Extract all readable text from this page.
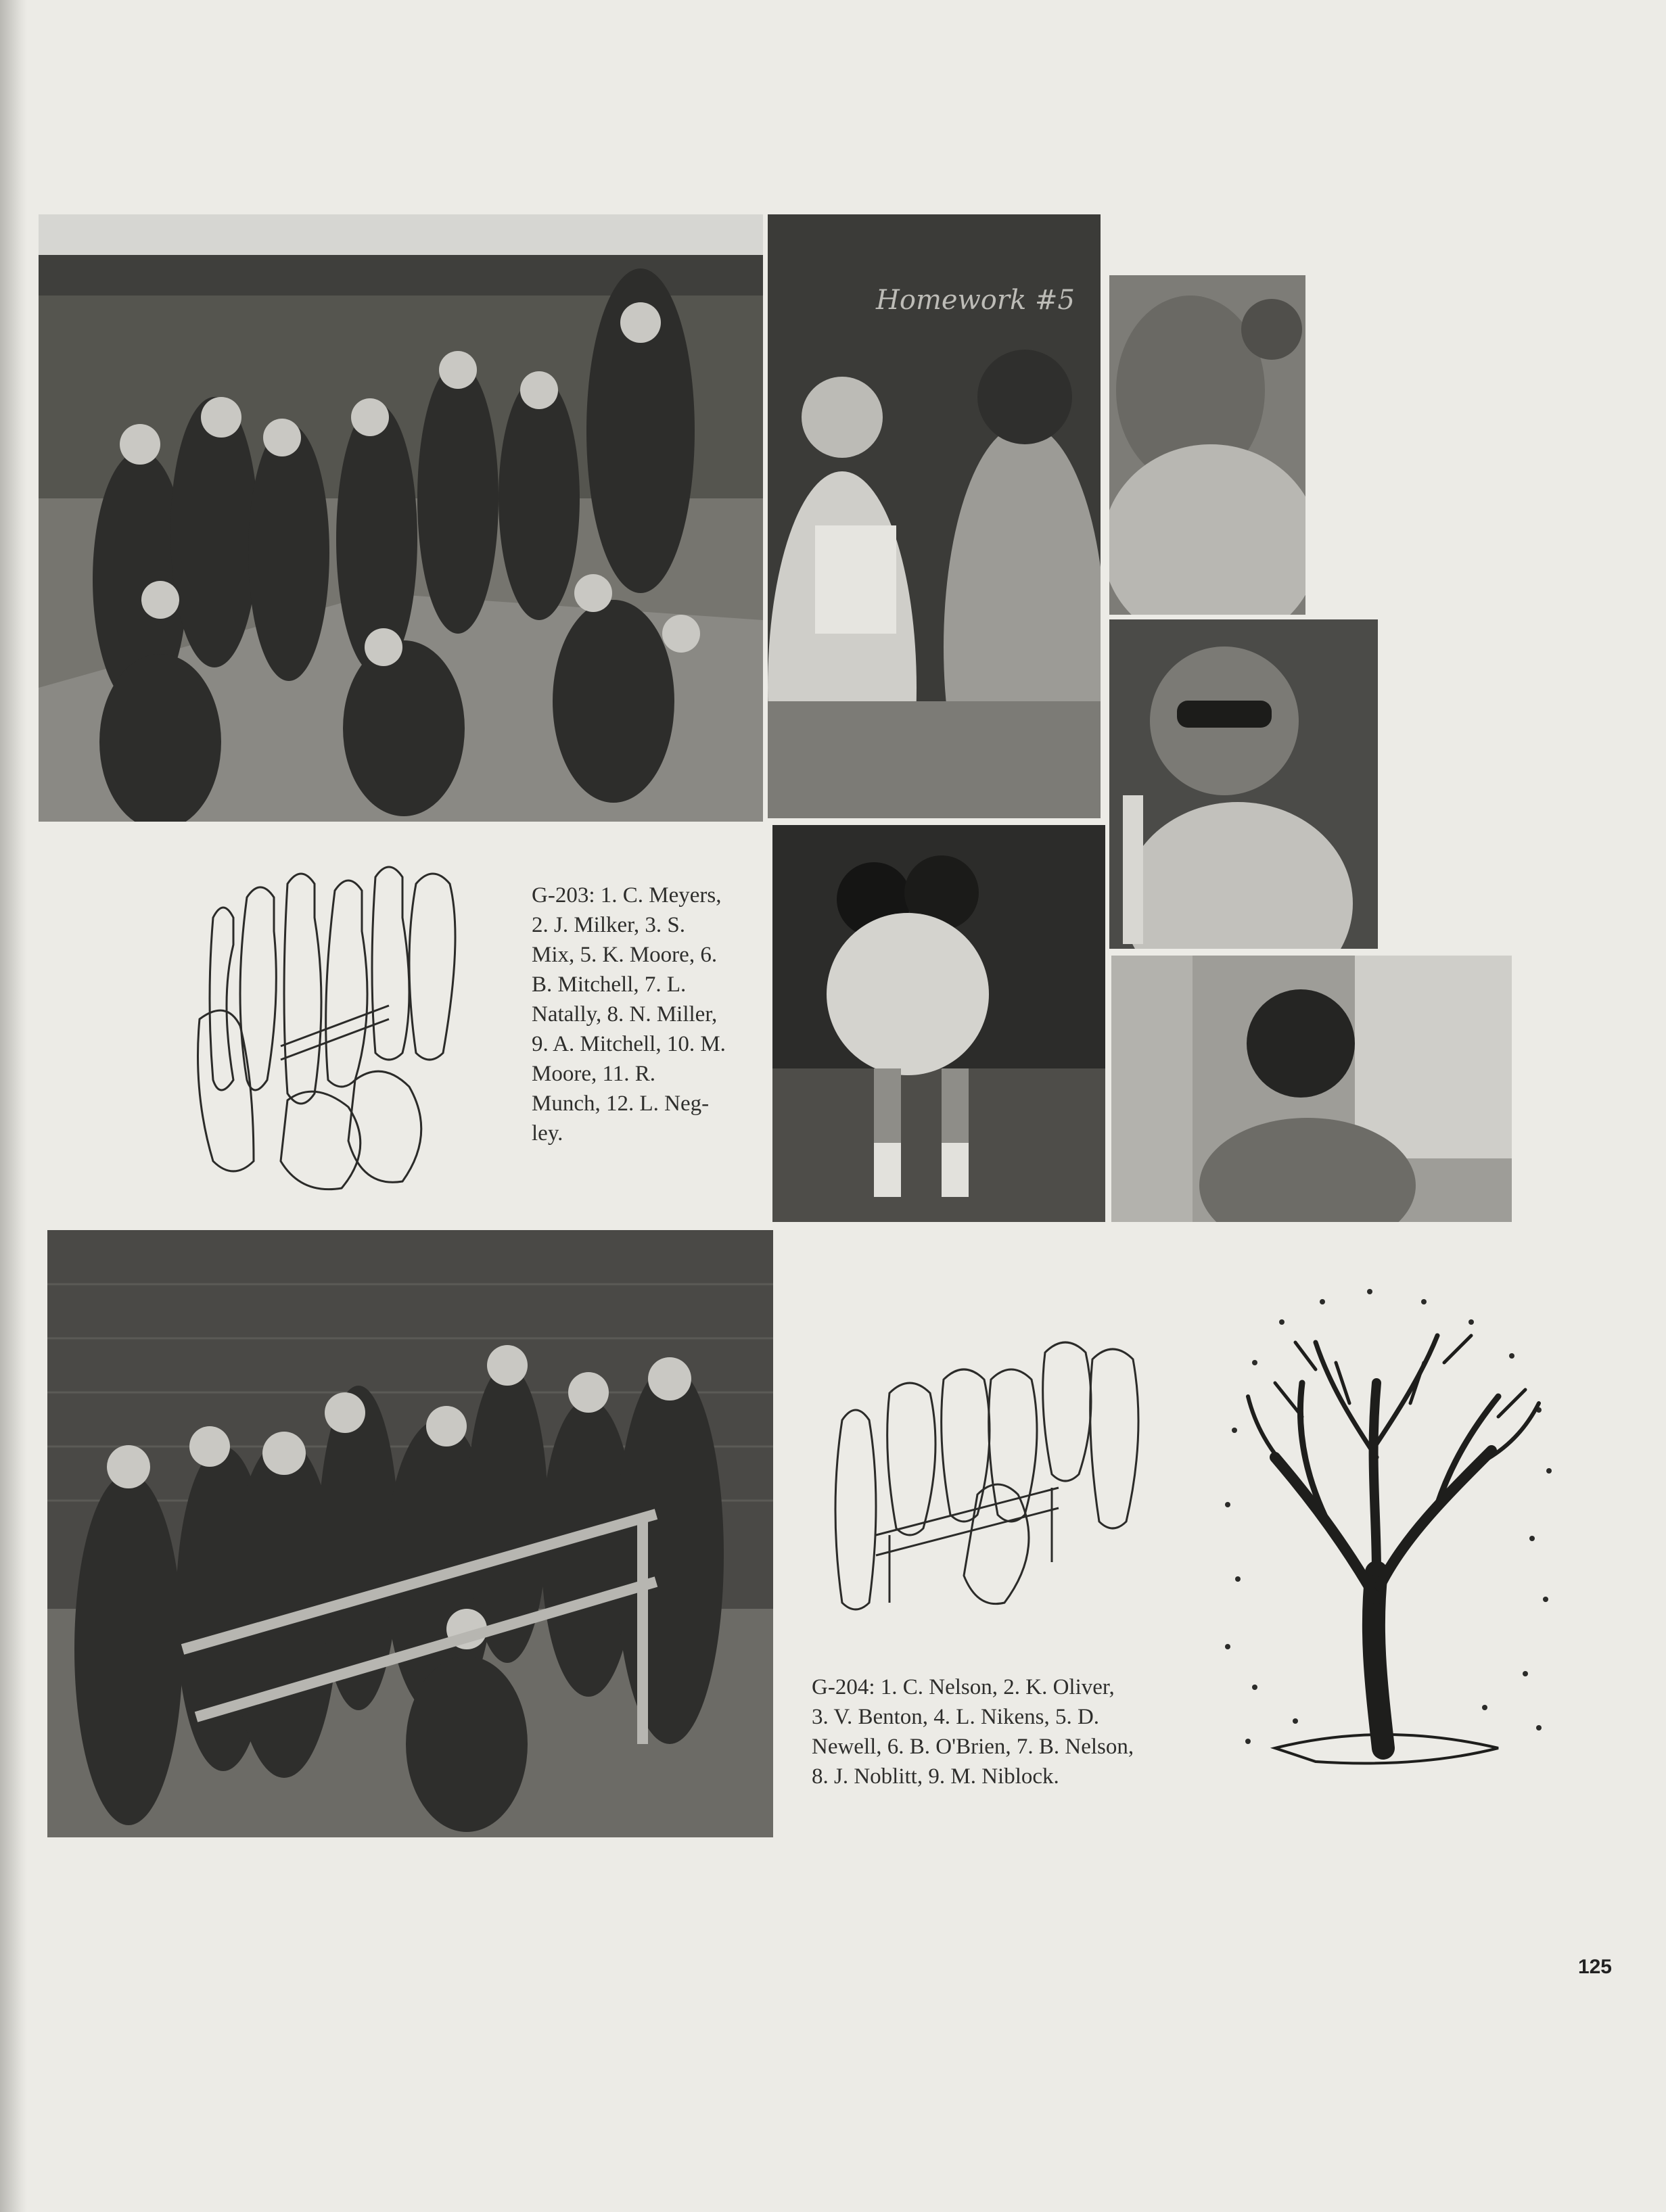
Homework #5
G-203: 1. C. Meyers, 2. J. Milker, 3. S. Mix, 5. K. Moore, 6. B. Mitchell, 7. L. Natally, 8. N. Miller, 9. A. Mitchell, 10. M. Moore, 11. R. Munch, 12. L. Negley.
G-204: 1. C. Nelson, 2. K. Oliver, 3. V. Benton, 4. L. Nikens, 5. D. Newell, 6. B. O'Brien, 7. B. Nelson, 8. J. Noblitt, 9. M. Niblock.
125
